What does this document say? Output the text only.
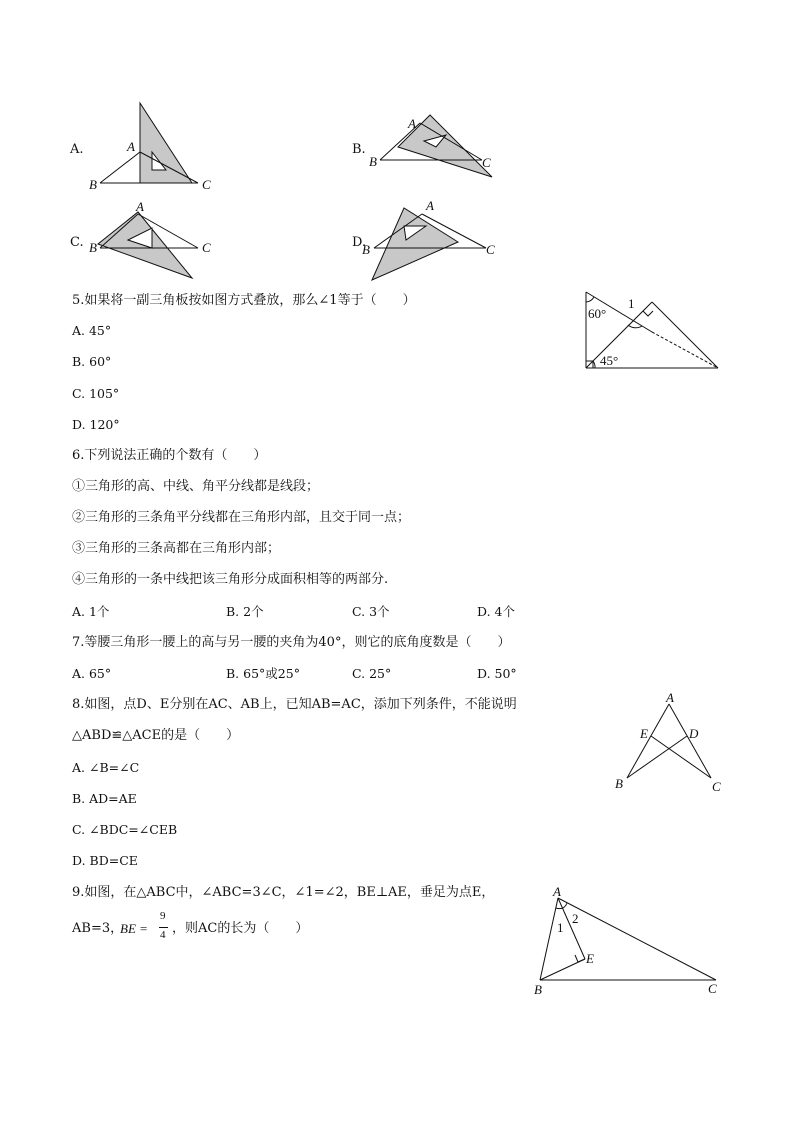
A.	A
B	C
B.
A
B	C
C.
A
B	C	D.
A
B	C
5.如果将一副三角板按如图方式叠放，那么∠1等于（　　）
A. 45°
B. 60°
C. 105°
D. 120°
60°
45°
1
6.下列说法正确的个数有（　　）
①三角形的高、中线、角平分线都是线段；
②三角形的三条角平分线都在三角形内部，且交于同一点；
③三角形的三条高都在三角形内部；
④三角形的一条中线把该三角形分成面积相等的两部分.
A. 1个	B. 2个	C. 3个	D. 4个
7.等腰三角形一腰上的高与另一腰的夹角为40°，则它的底角度数是（　　）
A. 65°	B. 65°或25°	C. 25°	D. 50°
8.如图，点D、E分别在AC、AB上，已知AB=AC，添加下列条件，不能说明
△ABD≌△ACE的是（　　）
A. ∠B=∠C
B. AD=AE
C. ∠BDC=∠CEB
D. BD=CE
A
B	C
D
E
9.如图，在△ABC中，∠ABC=3∠C，∠1=∠2，BE⊥AE，垂足为点E，
AB=3，
BE =
9
4 ，则AC的长为（　　）
A
B	C
E
1
2
